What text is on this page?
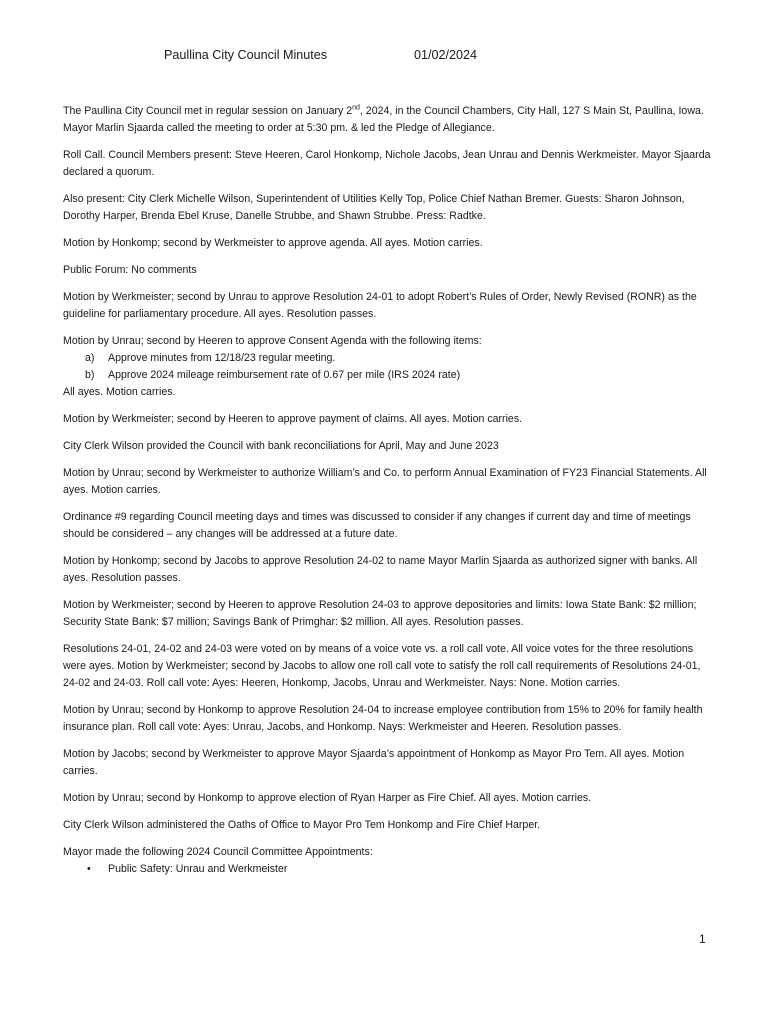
Paullina City Council Minutes	01/02/2024

The Paullina City Council met in regular session on January 2nd, 2024, in the Council Chambers, City Hall, 127 S Main St, Paullina, Iowa. Mayor Marlin Sjaarda called the meeting to order at 5:30 pm. & led the Pledge of Allegiance.

Roll Call. Council Members present: Steve Heeren, Carol Honkomp, Nichole Jacobs, Jean Unrau and Dennis Werkmeister. Mayor Sjaarda declared a quorum.

Also present: City Clerk Michelle Wilson, Superintendent of Utilities Kelly Top, Police Chief Nathan Bremer. Guests: Sharon Johnson, Dorothy Harper, Brenda Ebel Kruse, Danelle Strubbe, and Shawn Strubbe. Press: Radtke.

Motion by Honkomp; second by Werkmeister to approve agenda. All ayes. Motion carries.

Public Forum: No comments

Motion by Werkmeister; second by Unrau to approve Resolution 24-01 to adopt Robert’s Rules of Order, Newly Revised (RONR) as the guideline for parliamentary procedure. All ayes. Resolution passes.

Motion by Unrau; second by Heeren to approve Consent Agenda with the following items:

a) Approve minutes from 12/18/23 regular meeting.
b) Approve 2024 mileage reimbursement rate of 0.67 per mile (IRS 2024 rate)

All ayes. Motion carries.

Motion by Werkmeister; second by Heeren to approve payment of claims. All ayes. Motion carries.

City Clerk Wilson provided the Council with bank reconciliations for April, May and June 2023

Motion by Unrau; second by Werkmeister to authorize William’s and Co. to perform Annual Examination of FY23 Financial Statements. All ayes. Motion carries.

Ordinance #9 regarding Council meeting days and times was discussed to consider if any changes if current day and time of meetings should be considered – any changes will be addressed at a future date.

Motion by Honkomp; second by Jacobs to approve Resolution 24-02 to name Mayor Marlin Sjaarda as authorized signer with banks. All ayes. Resolution passes.

Motion by Werkmeister; second by Heeren to approve Resolution 24-03 to approve depositories and limits: Iowa State Bank: $2 million; Security State Bank: $7 million; Savings Bank of Primghar: $2 million. All ayes. Resolution passes.

Resolutions 24-01, 24-02 and 24-03 were voted on by means of a voice vote vs. a roll call vote. All voice votes for the three resolutions were ayes. Motion by Werkmeister; second by Jacobs to allow one roll call vote to satisfy the roll call requirements of Resolutions 24-01, 24-02 and 24-03. Roll call vote: Ayes: Heeren, Honkomp, Jacobs, Unrau and Werkmeister. Nays: None. Motion carries.

Motion by Unrau; second by Honkomp to approve Resolution 24-04 to increase employee contribution from 15% to 20% for family health insurance plan. Roll call vote: Ayes: Unrau, Jacobs, and Honkomp. Nays: Werkmeister and Heeren. Resolution passes.

Motion by Jacobs; second by Werkmeister to approve Mayor Sjaarda’s appointment of Honkomp as Mayor Pro Tem. All ayes. Motion carries.

Motion by Unrau; second by Honkomp to approve election of Ryan Harper as Fire Chief. All ayes. Motion carries.

City Clerk Wilson administered the Oaths of Office to Mayor Pro Tem Honkomp and Fire Chief Harper.

Mayor made the following 2024 Council Committee Appointments:

• Public Safety: Unrau and Werkmeister
1
